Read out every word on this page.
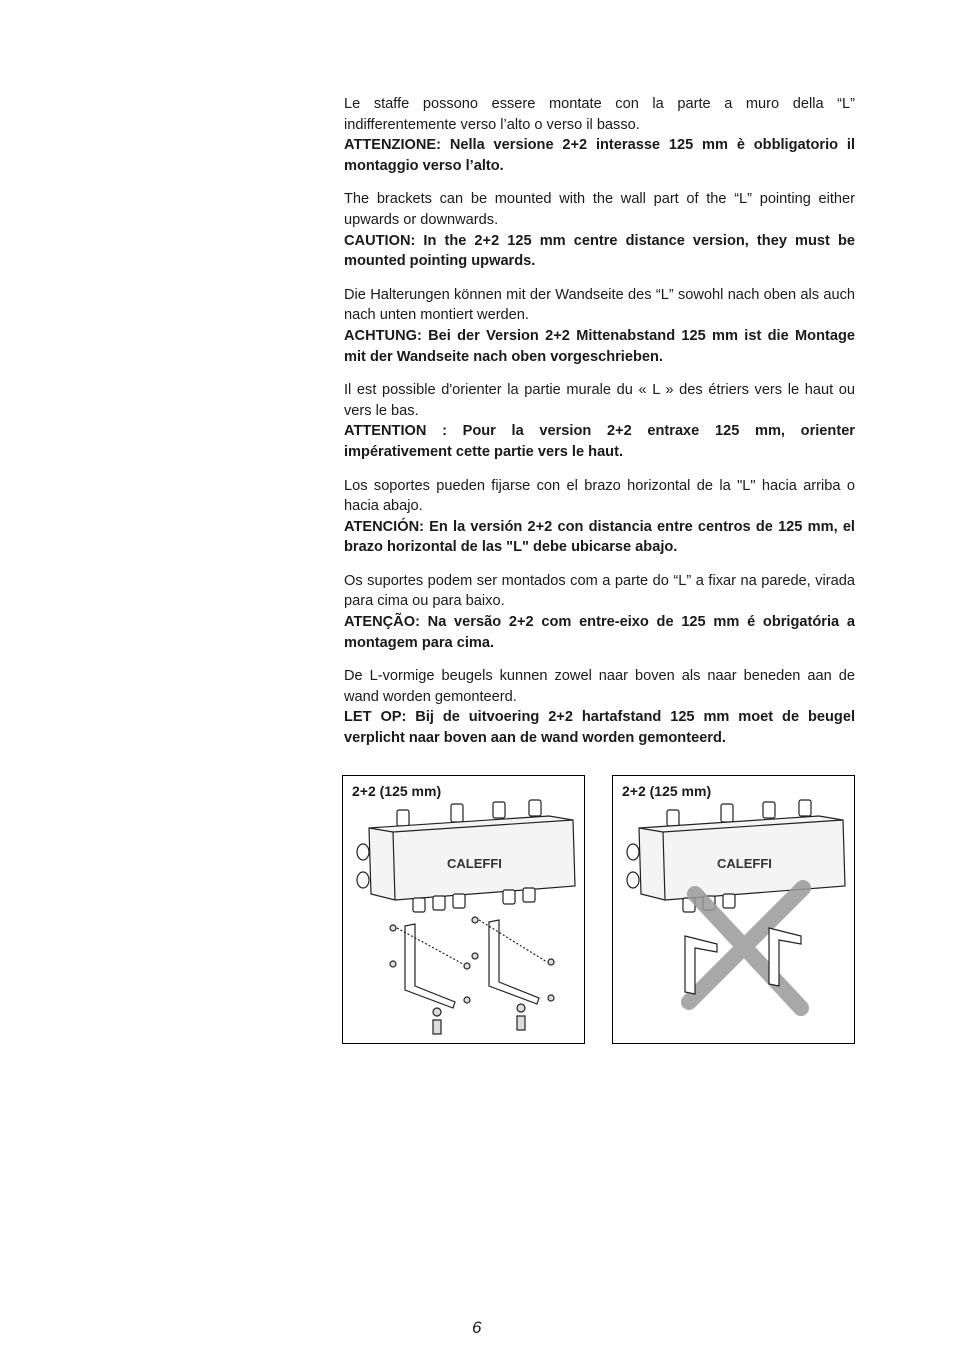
Le staffe possono essere montate con la parte a muro della “L” indifferentemente verso l’alto o verso il basso.
ATTENZIONE: Nella versione 2+2 interasse 125 mm è obbligatorio il montaggio verso l’alto.

The brackets can be mounted with the wall part of the “L” pointing either upwards or downwards.
CAUTION: In the 2+2 125 mm centre distance version, they must be mounted pointing upwards.

Die Halterungen können mit der Wandseite des “L” sowohl nach oben als auch nach unten montiert werden.
ACHTUNG: Bei der Version 2+2 Mittenabstand 125 mm ist die Montage mit der Wandseite nach oben vorgeschrieben.

Il est possible d'orienter la partie murale du « L » des étriers vers le haut ou vers le bas.
ATTENTION : Pour la version 2+2 entraxe 125 mm, orienter impérativement cette partie vers le haut.

Los soportes pueden fijarse con el brazo horizontal de la "L" hacia arriba o hacia abajo.
ATENCIÓN: En la versión 2+2 con distancia entre centros de 125 mm, el brazo horizontal de las "L" debe ubicarse abajo.

Os suportes podem ser montados com a parte do “L” a fixar na parede, virada para cima ou para baixo.
ATENÇÃO: Na versão 2+2 com entre-eixo de 125 mm é obrigatória a montagem para cima.

De L-vormige beugels kunnen zowel naar boven als naar beneden aan de wand worden gemonteerd.
LET OP: Bij de uitvoering 2+2 hartafstand 125 mm moet de beugel verplicht naar boven aan de wand worden gemonteerd.

CALEFFI
2+2 (125 mm)
CALEFFI
2+2 (125 mm)
6
